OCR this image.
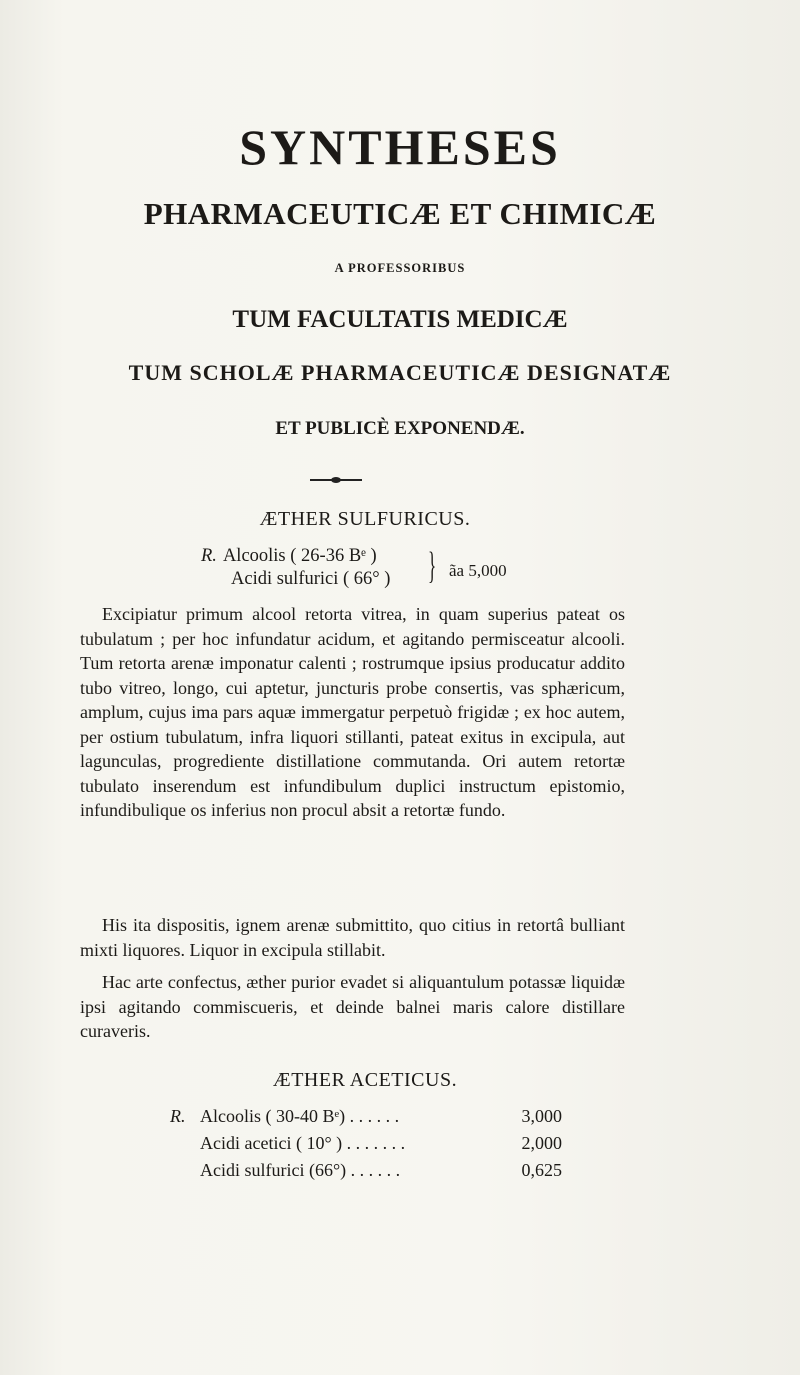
SYNTHESES
PHARMACEUTICÆ ET CHIMICÆ
A PROFESSORIBUS
TUM FACULTATIS MEDICÆ
TUM SCHOLÆ PHARMACEUTICÆ DESIGNATÆ
ET PUBLICÈ EXPONENDÆ.
ÆTHER SULFURICUS.
R. Alcoolis ( 26-36 Bᵉ )
Acidi sulfurici ( 66° ) } ãa 5,000
Excipiatur primum alcool retorta vitrea, in quam superius pateat os tubulatum ; per hoc infundatur acidum, et agitando permisceatur alcooli. Tum retorta arenæ imponatur calenti ; rostrumque ipsius producatur addito tubo vitreo, longo, cui aptetur, juncturis probe consertis, vas sphæricum, amplum, cujus ima pars aquæ immergatur perpetuò frigidæ ; ex hoc autem, per ostium tubulatum, infra liquori stillanti, pateat exitus in excipula, aut lagunculas, progrediente distillatione commutanda. Ori autem retortæ tubulato inserendum est infundibulum duplici instructum epistomio, infundibulique os inferius non procul absit a retortæ fundo.
His ita dispositis, ignem arenæ submittito, quo citius in retortâ bulliant mixti liquores. Liquor in excipula stillabit.
Hac arte confectus, æther purior evadet si aliquantulum potassæ liquidæ ipsi agitando commiscueris, et deinde balnei maris calore distillare curaveris.
ÆTHER ACETICUS.
R. Alcoolis ( 30-40 Bᵉ) . . . . . .	3,000
Acidi acetici ( 10° ) . . . . . . .	2,000
Acidi sulfurici (66°) . . . . . .	0,625
